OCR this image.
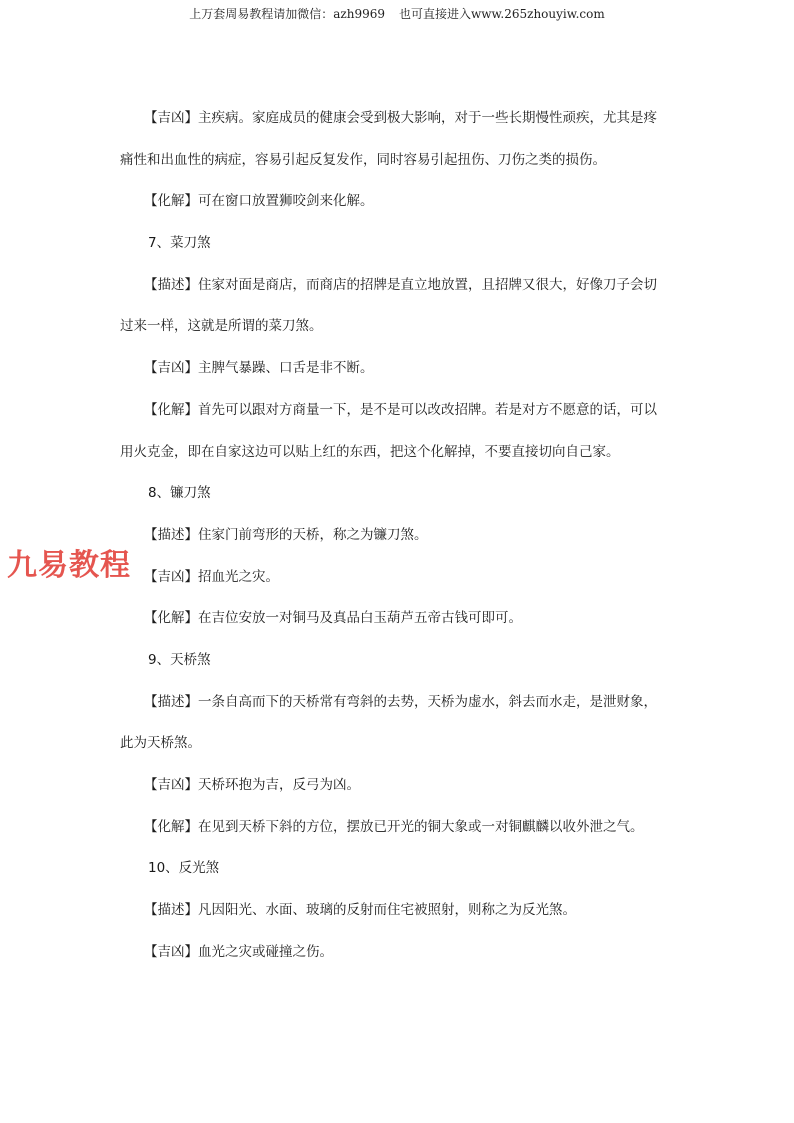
上万套周易教程请加微信：azh9969 也可直接进入www.265zhouyiw.com
九易教程
【吉凶】主疾病。家庭成员的健康会受到极大影响，对于一些长期慢性顽疾，尤其是疼
痛性和出血性的病症，容易引起反复发作，同时容易引起扭伤、刀伤之类的损伤。
【化解】可在窗口放置狮咬剑来化解。
7、菜刀煞
【描述】住家对面是商店，而商店的招牌是直立地放置，且招牌又很大，好像刀子会切
过来一样，这就是所谓的菜刀煞。
【吉凶】主脾气暴躁、口舌是非不断。
【化解】首先可以跟对方商量一下，是不是可以改改招牌。若是对方不愿意的话，可以
用火克金，即在自家这边可以贴上红的东西，把这个化解掉，不要直接切向自己家。
8、镰刀煞
【描述】住家门前弯形的天桥，称之为镰刀煞。
【吉凶】招血光之灾。
【化解】在吉位安放一对铜马及真品白玉葫芦五帝古钱可即可。
9、天桥煞
【描述】一条自高而下的天桥常有弯斜的去势，天桥为虚水，斜去而水走，是泄财象，
此为天桥煞。
【吉凶】天桥环抱为吉，反弓为凶。
【化解】在见到天桥下斜的方位，摆放已开光的铜大象或一对铜麒麟以收外泄之气。
10、反光煞
【描述】凡因阳光、水面、玻璃的反射而住宅被照射，则称之为反光煞。
【吉凶】血光之灾或碰撞之伤。
